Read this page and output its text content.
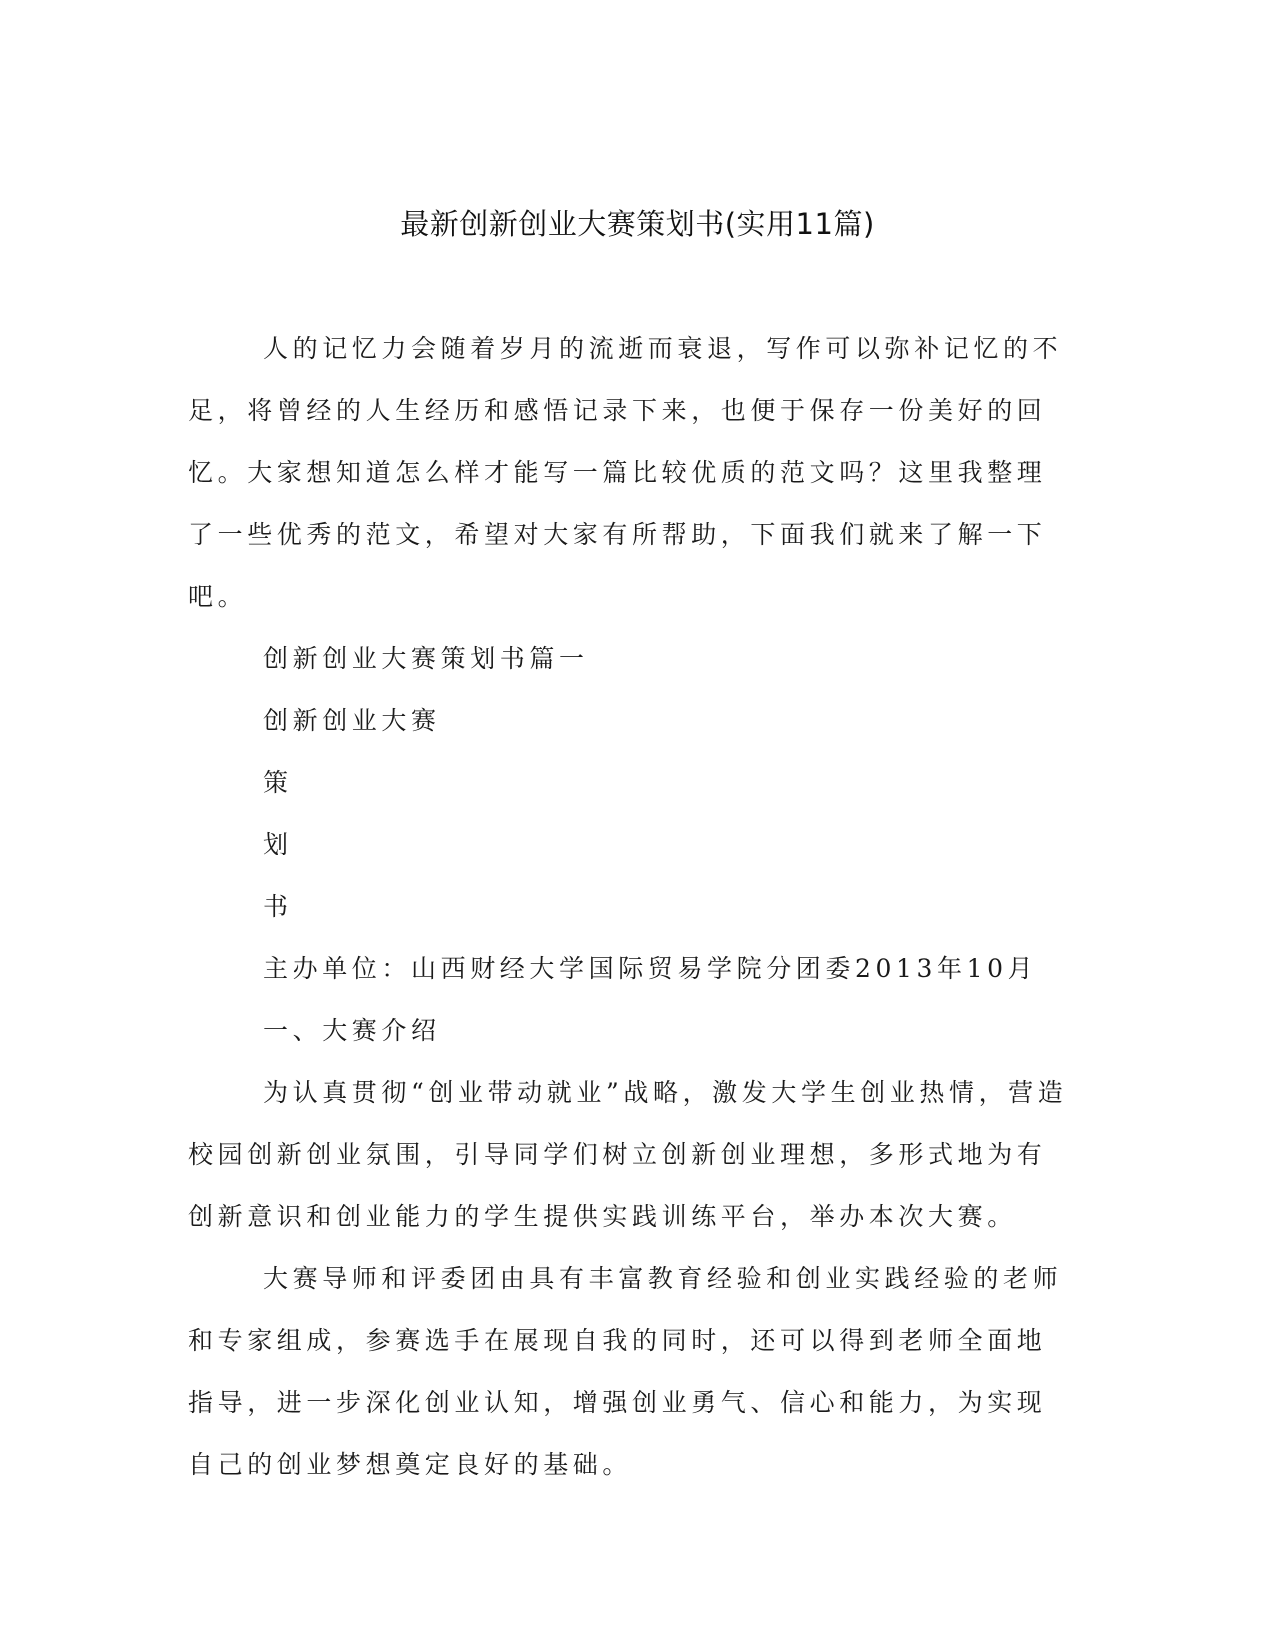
最新创新创业大赛策划书(实用11篇)

人的记忆力会随着岁月的流逝而衰退，写作可以弥补记忆的不足，将曾经的人生经历和感悟记录下来，也便于保存一份美好的回忆。大家想知道怎么样才能写一篇比较优质的范文吗？这里我整理了一些优秀的范文，希望对大家有所帮助，下面我们就来了解一下吧。

创新创业大赛策划书篇一

创新创业大赛

策

划

书

主办单位：山西财经大学国际贸易学院分团委2013年10月

一、大赛介绍

为认真贯彻“创业带动就业”战略，激发大学生创业热情，营造校园创新创业氛围，引导同学们树立创新创业理想，多形式地为有创新意识和创业能力的学生提供实践训练平台，举办本次大赛。

大赛导师和评委团由具有丰富教育经验和创业实践经验的老师和专家组成，参赛选手在展现自我的同时，还可以得到老师全面地指导，进一步深化创业认知，增强创业勇气、信心和能力，为实现自己的创业梦想奠定良好的基础。
